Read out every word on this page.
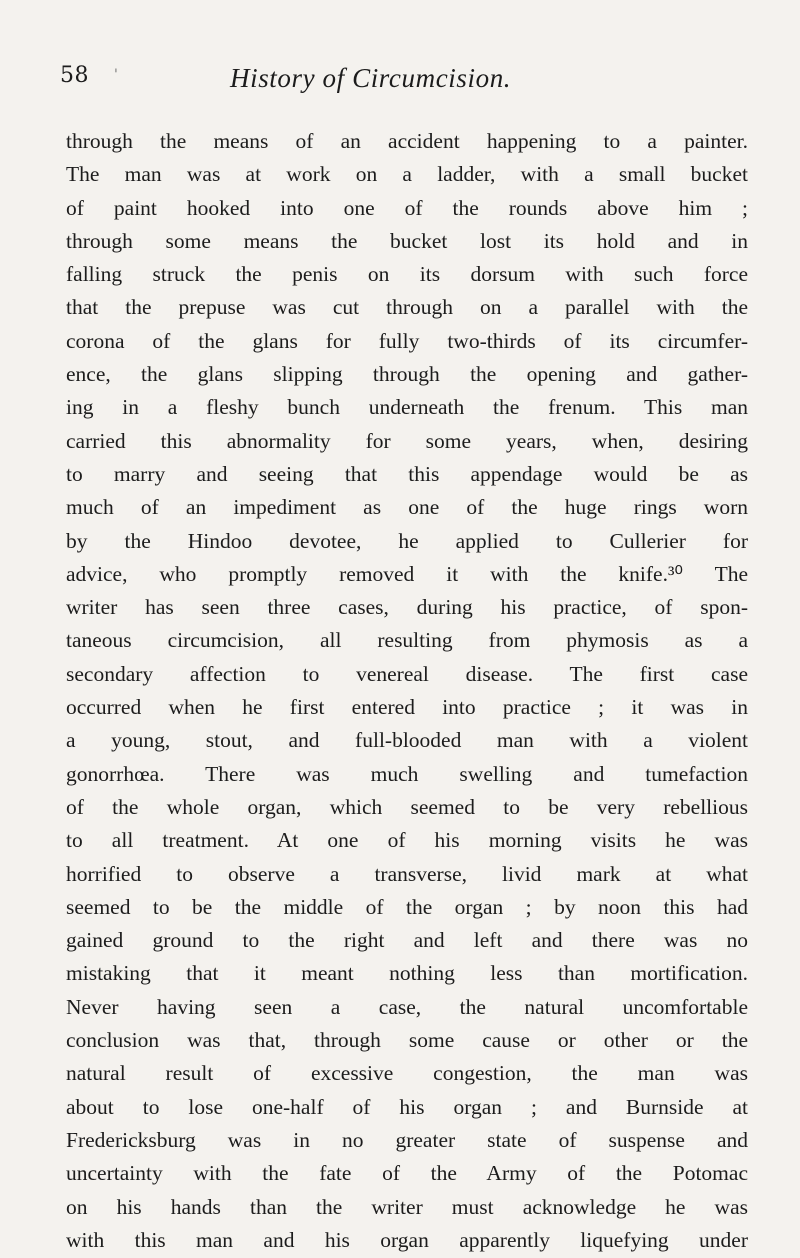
58 '	History of Circumcision.
through the means of an accident happening to a painter.
The man was at work on a ladder, with a small bucket
of paint hooked into one of the rounds above him ;
through some means the bucket lost its hold and in
falling struck the penis on its dorsum with such force
that the prepuse was cut through on a parallel with the
corona of the glans for fully two-thirds of its circumfer-
ence, the glans slipping through the opening and gather-
ing in a fleshy bunch underneath the frenum. This man
carried this abnormality for some years, when, desiring
to marry and seeing that this appendage would be as
much of an impediment as one of the huge rings worn
by the Hindoo devotee, he applied to Cullerier for
advice, who promptly removed it with the knife.³⁰ The
writer has seen three cases, during his practice, of spon-
taneous circumcision, all resulting from phymosis as a
secondary affection to venereal disease. The first case
occurred when he first entered into practice ; it was in
a young, stout, and full-blooded man with a violent
gonorrhœa. There was much swelling and tumefaction
of the whole organ, which seemed to be very rebellious
to all treatment. At one of his morning visits he was
horrified to observe a transverse, livid mark at what
seemed to be the middle of the organ ; by noon this had
gained ground to the right and left and there was no
mistaking that it meant nothing less than mortification.
Never having seen a case, the natural uncomfortable
conclusion was that, through some cause or other or the
natural result of excessive congestion, the man was
about to lose one-half of his organ ; and Burnside at
Fredericksburg was in no greater state of suspense and
uncertainty with the fate of the Army of the Potomac
on his hands than the writer must acknowledge he was
with this man and his organ apparently liquefying under
